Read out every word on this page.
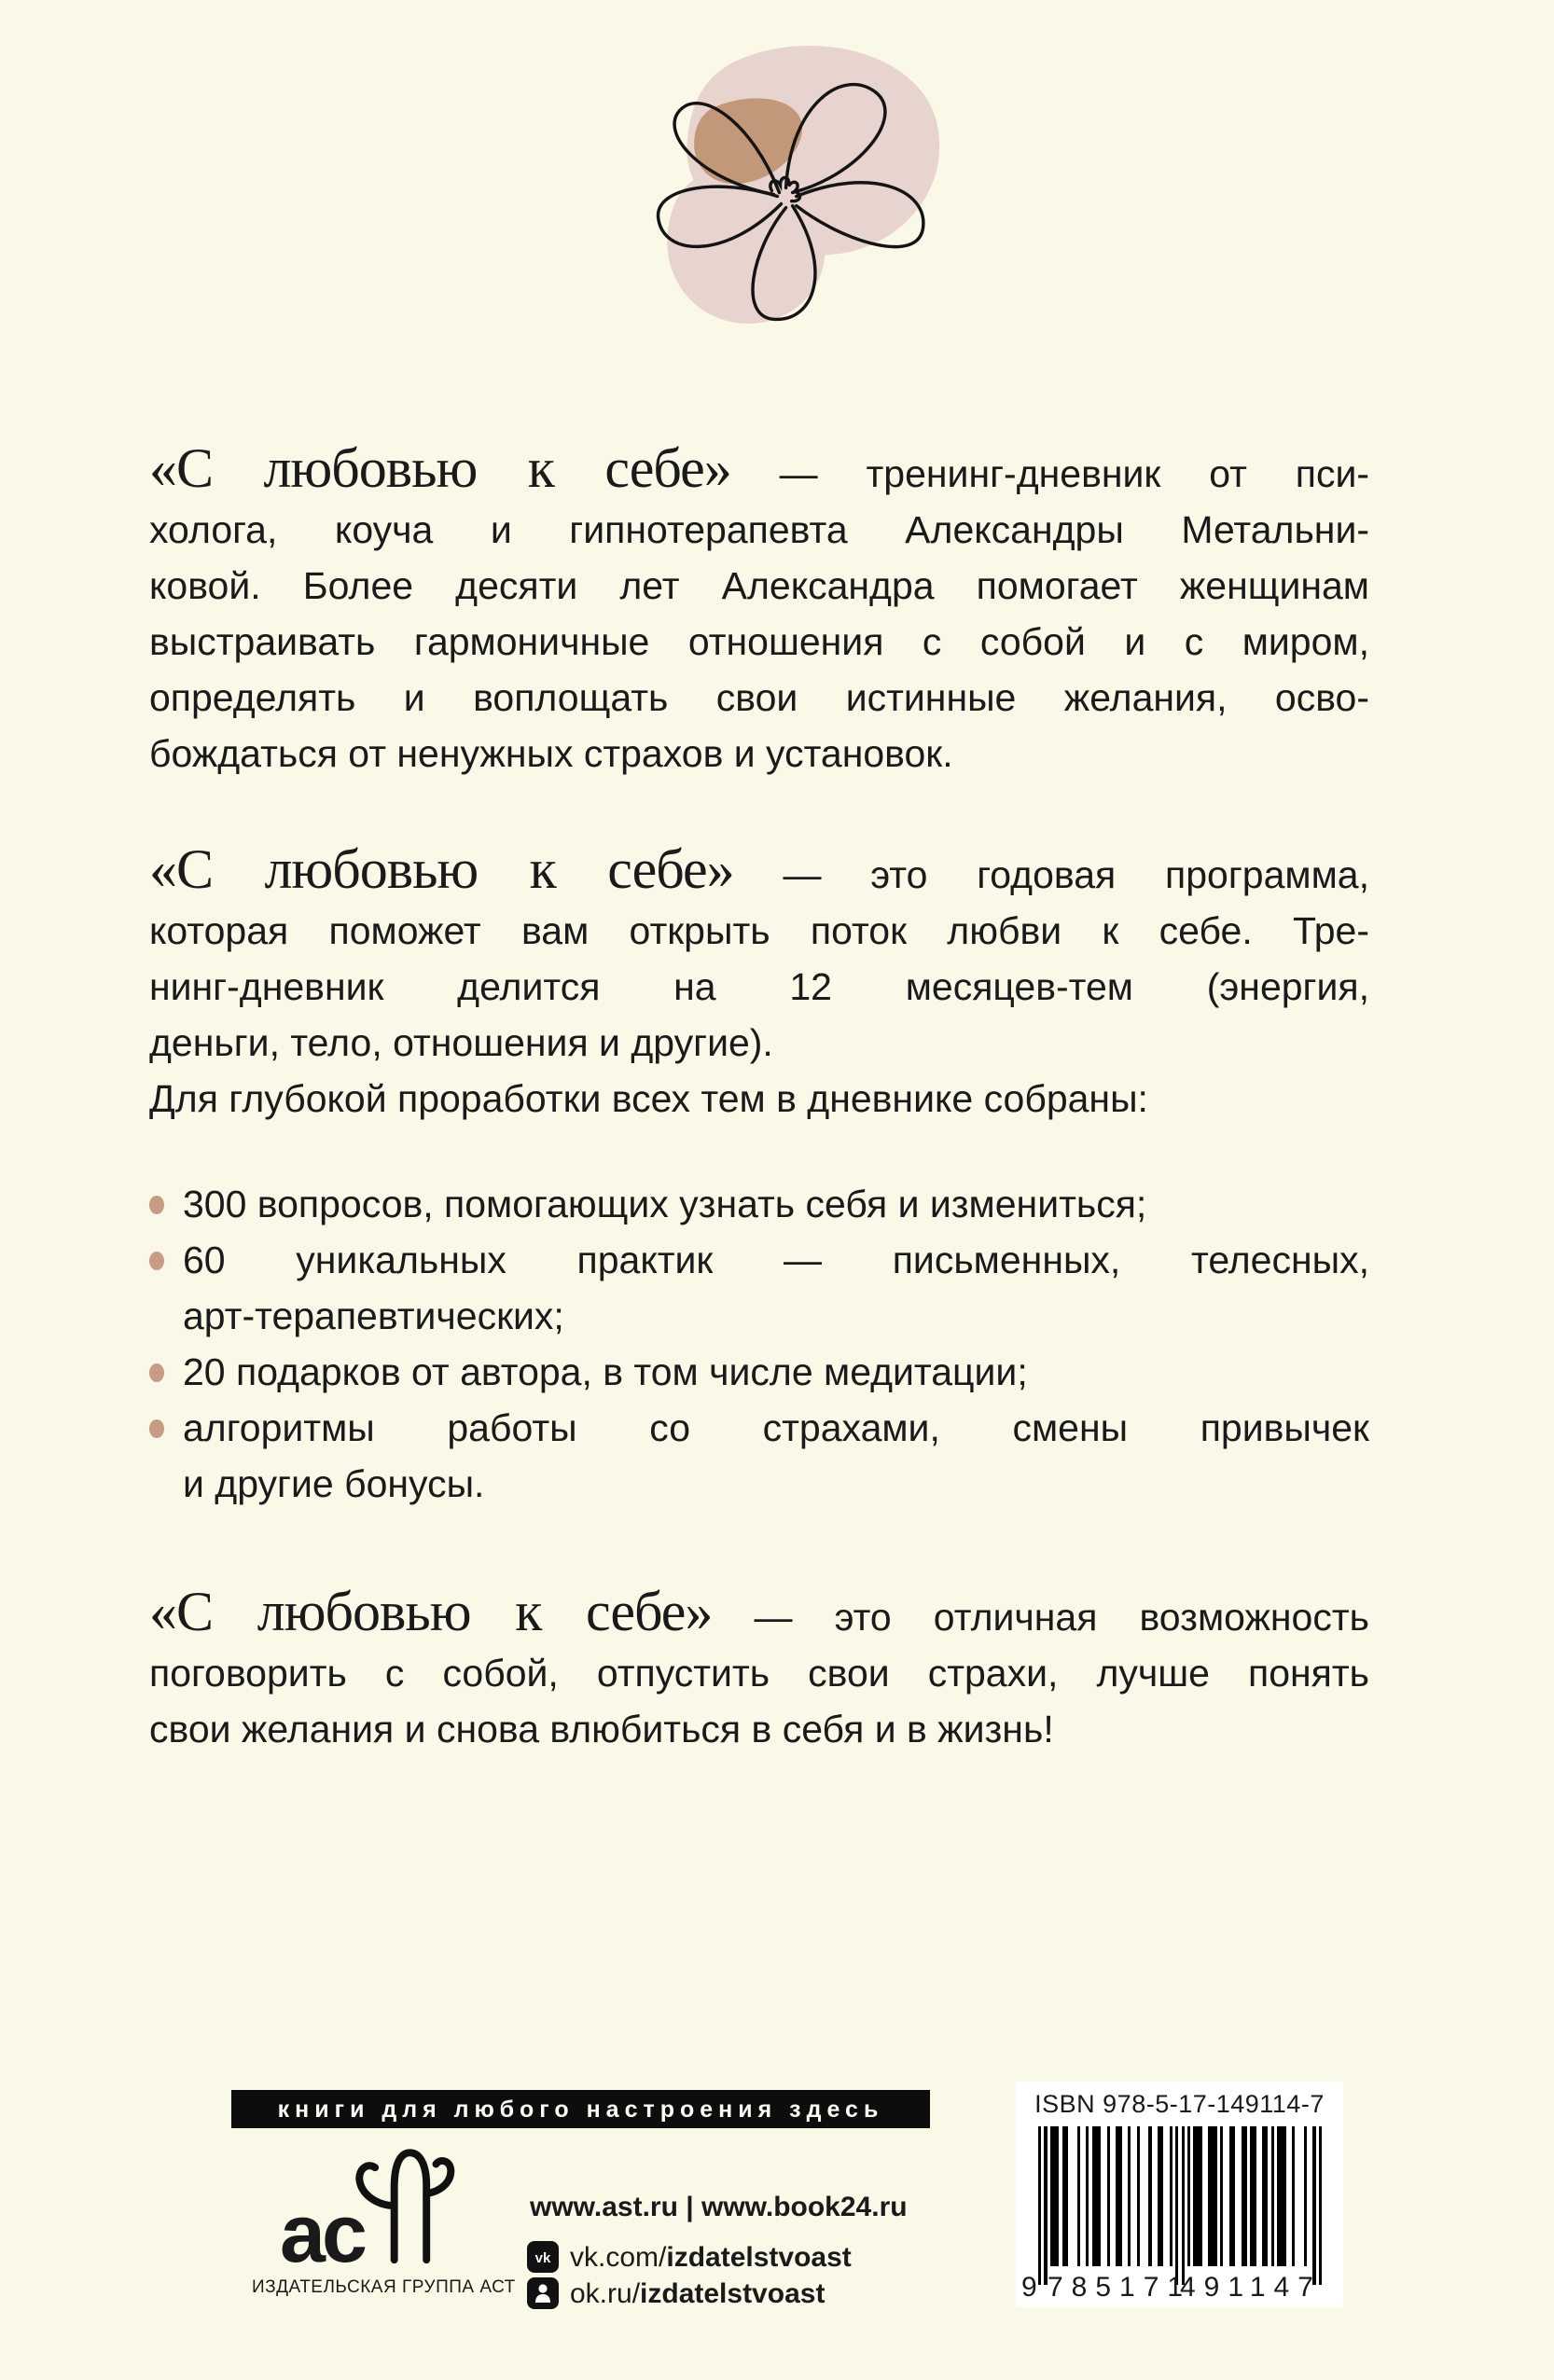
«С любовью к себе» — тренинг-дневник от пси-
холога, коуча и гипнотерапевта Александры Метальни-
ковой. Более десяти лет Александра помогает женщинам
выстраивать гармоничные отношения с собой и с миром,
определять и воплощать свои истинные желания, осво-
бождаться от ненужных страхов и установок.
«С любовью к себе» — это годовая программа,
которая поможет вам открыть поток любви к себе. Тре-
нинг-дневник делится на 12 месяцев-тем (энергия,
деньги, тело, отношения и другие).
Для глубокой проработки всех тем в дневнике собраны:
300 вопросов, помогающих узнать себя и измениться;
60 уникальных практик — письменных, телесных,
арт-терапевтических;
20 подарков от автора, в том числе медитации;
алгоритмы работы со страхами, смены привычек
и другие бонусы.
«С любовью к себе» — это отличная возможность
поговорить с собой, отпустить свои страхи, лучше понять
свои желания и снова влюбиться в себя и в жизнь!
книги для любого настроения здесь
ac
ИЗДАТЕЛЬСКАЯ ГРУППА АСТ
www.ast.ru | www.book24.ru
vk vk.com/izdatelstvoast
ok.ru/izdatelstvoast
ISBN 978-5-17-149114-7
9 785171
491147
